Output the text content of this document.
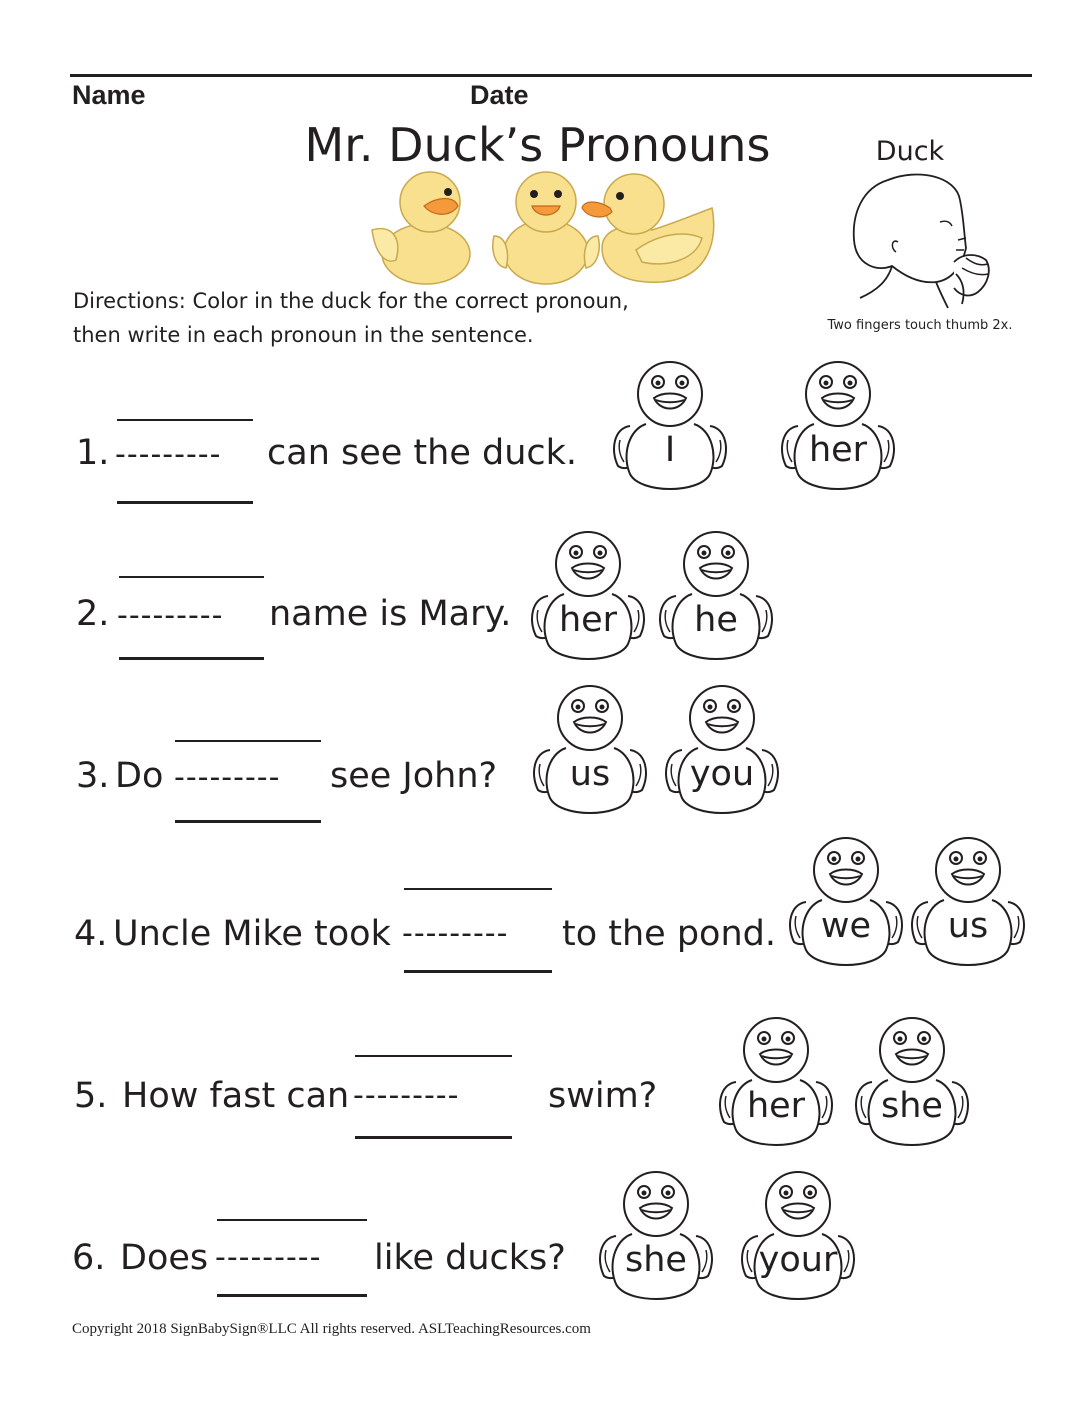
Name	Date
Mr. Duck’s Pronouns	Duck
Two fingers touch thumb 2x.
Directions: Color in the duck for the correct pronoun,
then write in each pronoun in the sentence.
1. --------- can see the duck.	I	her
2. --------- name is Mary.	her	he
3. Do --------- see John?	us	you
4. Uncle Mike took --------- to the pond.	we	us
5. How fast can ---------	swim?	her	she
6. Does --------- like ducks?	she	your
Copyright 2018 SignBabySign®LLC All rights reserved. ASLTeachingResources.com
